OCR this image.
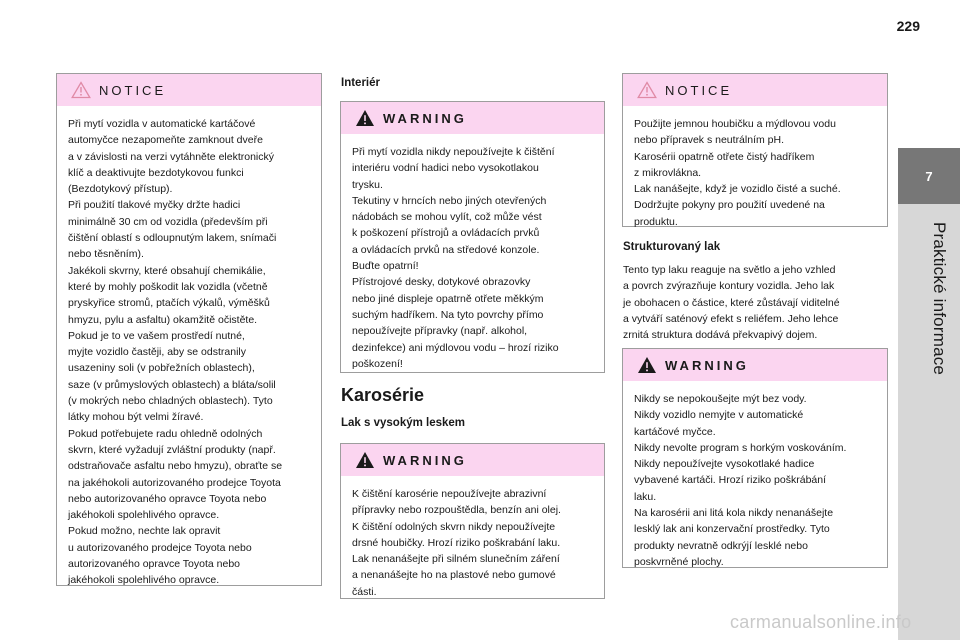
229
7
Praktické informace
NOTICE
Při mytí vozidla v automatické kartáčové
automyčce nezapomeňte zamknout dveře
a v závislosti na verzi vytáhněte elektronický
klíč a deaktivujte bezdotykovou funkci
(Bezdotykový přístup).
Při použití tlakové myčky držte hadici
minimálně 30 cm od vozidla (především při
čištění oblastí s odloupnutým lakem, snímači
nebo těsněním).
Jakékoli skvrny, které obsahují chemikálie,
které by mohly poškodit lak vozidla (včetně
pryskyřice stromů, ptačích výkalů, výměšků
hmyzu, pylu a asfaltu) okamžitě očistěte.
Pokud je to ve vašem prostředí nutné,
myjte vozidlo častěji, aby se odstranily
usazeniny soli (v pobřežních oblastech),
saze (v průmyslových oblastech) a bláta/solil
(v mokrých nebo chladných oblastech). Tyto
látky mohou být velmi žíravé.
Pokud potřebujete radu ohledně odolných
skvrn, které vyžadují zvláštní produkty (např.
odstraňovače asfaltu nebo hmyzu), obraťte se
na jakéhokoli autorizovaného prodejce Toyota
nebo autorizovaného opravce Toyota nebo
jakéhokoli spolehlivého opravce.
Pokud možno, nechte lak opravit
u autorizovaného prodejce Toyota nebo
autorizovaného opravce Toyota nebo
jakéhokoli spolehlivého opravce.
Interiér
WARNING
Při mytí vozidla nikdy nepoužívejte k čištění
interiéru vodní hadici nebo vysokotlakou
trysku.
Tekutiny v hrncích nebo jiných otevřených
nádobách se mohou vylít, což může vést
k poškození přístrojů a ovládacích prvků
a ovládacích prvků na středové konzole.
Buďte opatrní!
Přístrojové desky, dotykové obrazovky
nebo jiné displeje opatrně otřete měkkým
suchým hadříkem. Na tyto povrchy přímo
nepoužívejte přípravky (např. alkohol,
dezinfekce) ani mýdlovou vodu – hrozí riziko
poškození!
Karosérie
Lak s vysokým leskem
WARNING
K čištění karosérie nepoužívejte abrazivní
přípravky nebo rozpouštědla, benzín ani olej.
K čištění odolných skvrn nikdy nepoužívejte
drsné houbičky. Hrozí riziko poškrabání laku.
Lak nenanášejte při silném slunečním záření
a nenanášejte ho na plastové nebo gumové
části.
NOTICE
Použijte jemnou houbičku a mýdlovou vodu
nebo přípravek s neutrálním pH.
Karosérii opatrně otřete čistý hadříkem
z mikrovlákna.
Lak nanášejte, když je vozidlo čisté a suché.
Dodržujte pokyny pro použití uvedené na
produktu.
Strukturovaný lak
Tento typ laku reaguje na světlo a jeho vzhled
a povrch zvýrazňuje kontury vozidla. Jeho lak
je obohacen o částice, které zůstávají viditelné
a vytváří saténový efekt s reliéfem. Jeho lehce
zrnitá struktura dodává překvapivý dojem.
WARNING
Nikdy se nepokoušejte mýt bez vody.
Nikdy vozidlo nemyjte v automatické
kartáčové myčce.
Nikdy nevolte program s horkým voskováním.
Nikdy nepoužívejte vysokotlaké hadice
vybavené kartáči. Hrozí riziko poškrábání
laku.
Na karosérii ani litá kola nikdy nenanášejte
lesklý lak ani konzervační prostředky. Tyto
produkty nevratně odkrýjí lesklé nebo
poskvrněné plochy.
carmanualsonline.info
